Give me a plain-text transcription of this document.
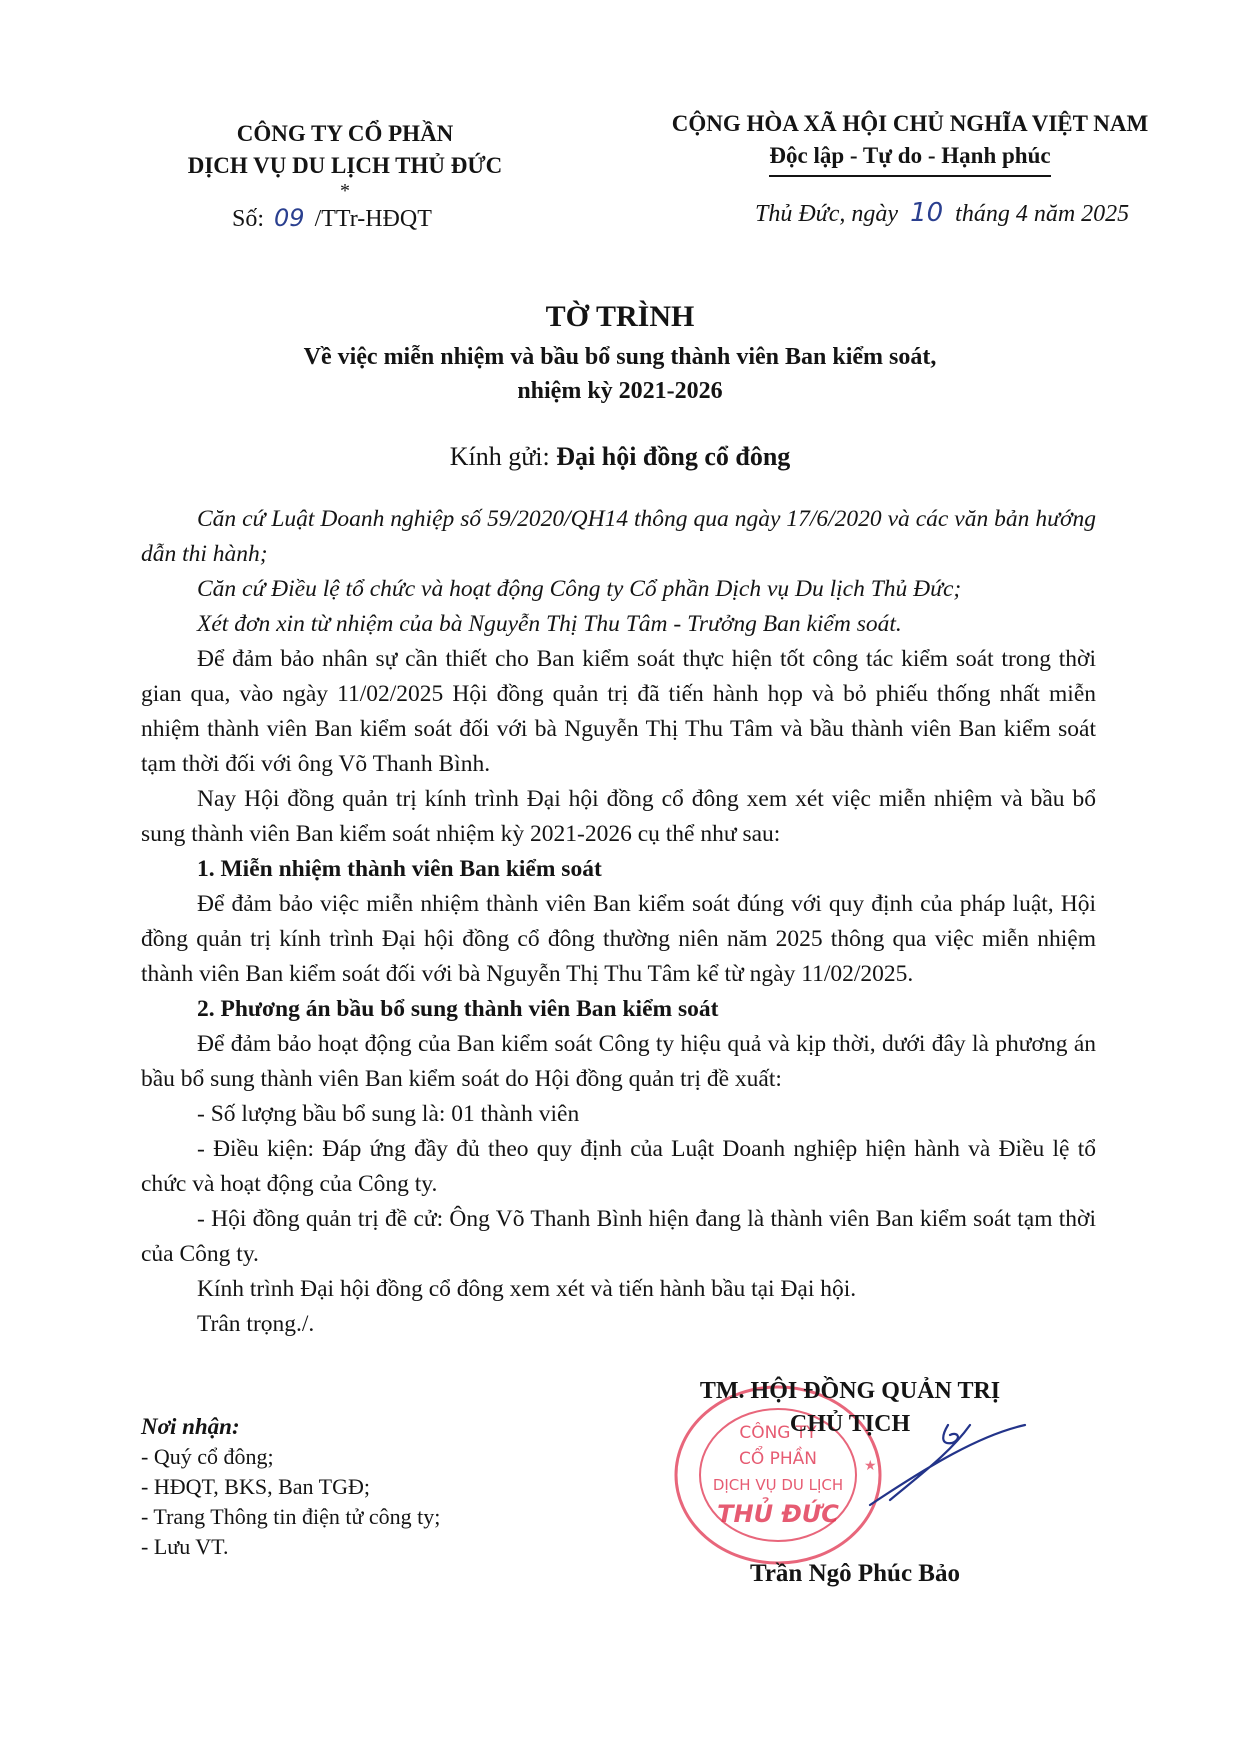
CÔNG TY CỔ PHẦN
DỊCH VỤ DU LỊCH THỦ ĐỨC
*
Số: 09 /TTr-HĐQT
CỘNG HÒA XÃ HỘI CHỦ NGHĨA VIỆT NAM
Độc lập - Tự do - Hạnh phúc
Thủ Đức, ngày 10 tháng 4 năm 2025
TỜ TRÌNH
Về việc miễn nhiệm và bầu bổ sung thành viên Ban kiểm soát,
nhiệm kỳ 2021-2026
Kính gửi: Đại hội đồng cổ đông

Căn cứ Luật Doanh nghiệp số 59/2020/QH14 thông qua ngày 17/6/2020 và các văn bản hướng dẫn thi hành;

Căn cứ Điều lệ tổ chức và hoạt động Công ty Cổ phần Dịch vụ Du lịch Thủ Đức;

Xét đơn xin từ nhiệm của bà Nguyễn Thị Thu Tâm - Trưởng Ban kiểm soát.

Để đảm bảo nhân sự cần thiết cho Ban kiểm soát thực hiện tốt công tác kiểm soát trong thời gian qua, vào ngày 11/02/2025 Hội đồng quản trị đã tiến hành họp và bỏ phiếu thống nhất miễn nhiệm thành viên Ban kiểm soát đối với bà Nguyễn Thị Thu Tâm và bầu thành viên Ban kiểm soát tạm thời đối với ông Võ Thanh Bình.

Nay Hội đồng quản trị kính trình Đại hội đồng cổ đông xem xét việc miễn nhiệm và bầu bổ sung thành viên Ban kiểm soát nhiệm kỳ 2021-2026 cụ thể như sau:

1. Miễn nhiệm thành viên Ban kiểm soát

Để đảm bảo việc miễn nhiệm thành viên Ban kiểm soát đúng với quy định của pháp luật, Hội đồng quản trị kính trình Đại hội đồng cổ đông thường niên năm 2025 thông qua việc miễn nhiệm thành viên Ban kiểm soát đối với bà Nguyễn Thị Thu Tâm kể từ ngày 11/02/2025.

2. Phương án bầu bổ sung thành viên Ban kiểm soát

Để đảm bảo hoạt động của Ban kiểm soát Công ty hiệu quả và kịp thời, dưới đây là phương án bầu bổ sung thành viên Ban kiểm soát do Hội đồng quản trị đề xuất:

- Số lượng bầu bổ sung là: 01 thành viên

- Điều kiện: Đáp ứng đầy đủ theo quy định của Luật Doanh nghiệp hiện hành và Điều lệ tổ chức và hoạt động của Công ty.

- Hội đồng quản trị đề cử: Ông Võ Thanh Bình hiện đang là thành viên Ban kiểm soát tạm thời của Công ty.

Kính trình Đại hội đồng cổ đông xem xét và tiến hành bầu tại Đại hội.

Trân trọng./.

CÔNG TY
CỔ PHẦN
DỊCH VỤ DU LỊCH
THỦ ĐỨC
★
TM. HỘI ĐỒNG QUẢN TRỊ
CHỦ TỊCH
Trần Ngô Phúc Bảo
Nơi nhận:
- Quý cổ đông;
- HĐQT, BKS, Ban TGĐ;
- Trang Thông tin điện tử công ty;
- Lưu VT.
